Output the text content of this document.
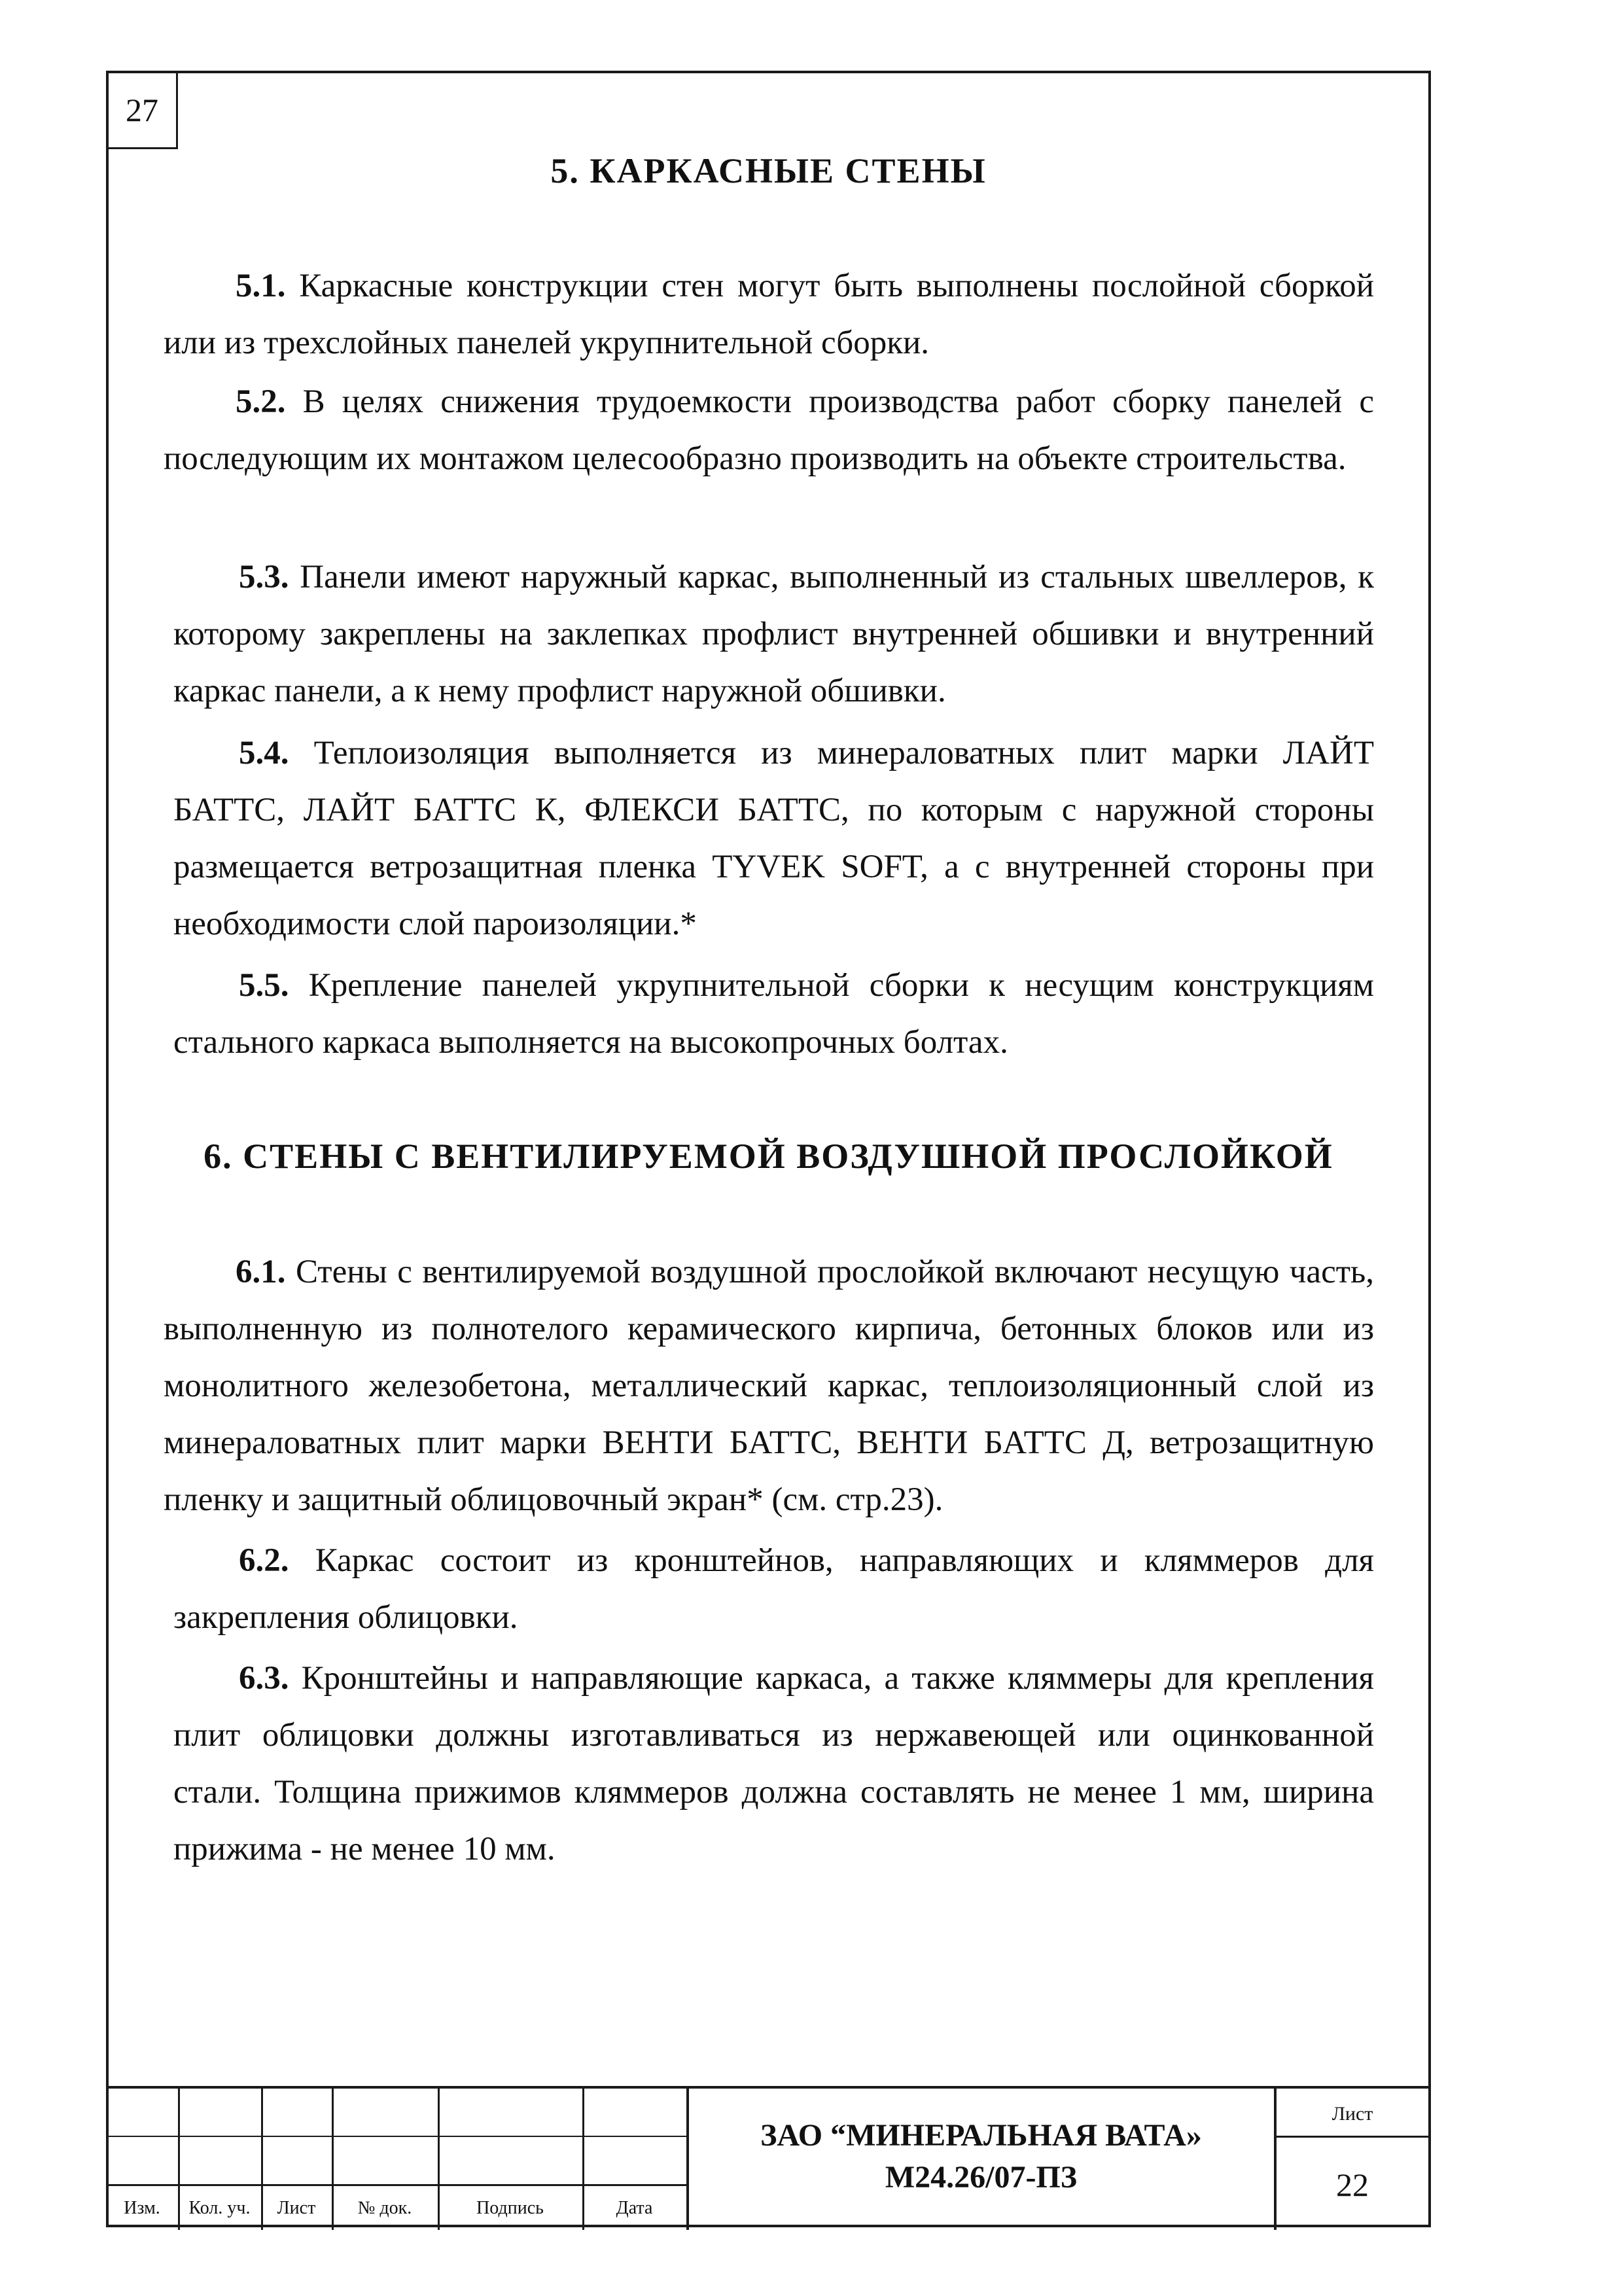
27
5. КАРКАСНЫЕ СТЕНЫ

5.1. Каркасные конструкции стен могут быть выполнены послойной сборкой или из трехслойных панелей укрупнительной сборки.

5.2. В целях снижения трудоемкости производства работ сборку панелей с последующим их монтажом целесообразно производить на объекте строительства.

5.3. Панели имеют наружный каркас, выполненный из стальных швеллеров, к которому закреплены на заклепках профлист внутренней обшивки и внутренний каркас панели, а к нему профлист наружной обшивки.

5.4. Теплоизоляция выполняется из минераловатных плит марки ЛАЙТ БАТТС, ЛАЙТ БАТТС К, ФЛЕКСИ БАТТС, по которым с наружной стороны размещается ветрозащитная пленка TYVEK SOFT, а с внутренней стороны при необходимости слой пароизоляции.*

5.5. Крепление панелей укрупнительной сборки к несущим конструкциям стального каркаса выполняется на высокопрочных болтах.

6. СТЕНЫ С ВЕНТИЛИРУЕМОЙ ВОЗДУШНОЙ ПРОСЛОЙКОЙ

6.1. Стены с вентилируемой воздушной прослойкой включают несущую часть, выполненную из полнотелого керамического кирпича, бетонных блоков или из монолитного железобетона, металлический каркас, теплоизоляционный слой из минераловатных плит марки ВЕНТИ БАТТС, ВЕНТИ БАТТС Д, ветрозащитную пленку и защитный облицовочный экран* (см. стр.23).

6.2. Каркас состоит из кронштейнов, направляющих и кляммеров для закрепления облицовки.

6.3. Кронштейны и направляющие каркаса, а также кляммеры для крепления плит облицовки должны изготавливаться из нержавеющей или оцинкованной стали. Толщина прижимов кляммеров должна составлять не менее 1 мм, ширина прижима - не менее 10 мм.

Изм.	Кол. уч.	Лист	№ док.	Подпись	Дата
ЗАО “МИНЕРАЛЬНАЯ ВАТА»
М24.26/07-ПЗ
Лист
22
